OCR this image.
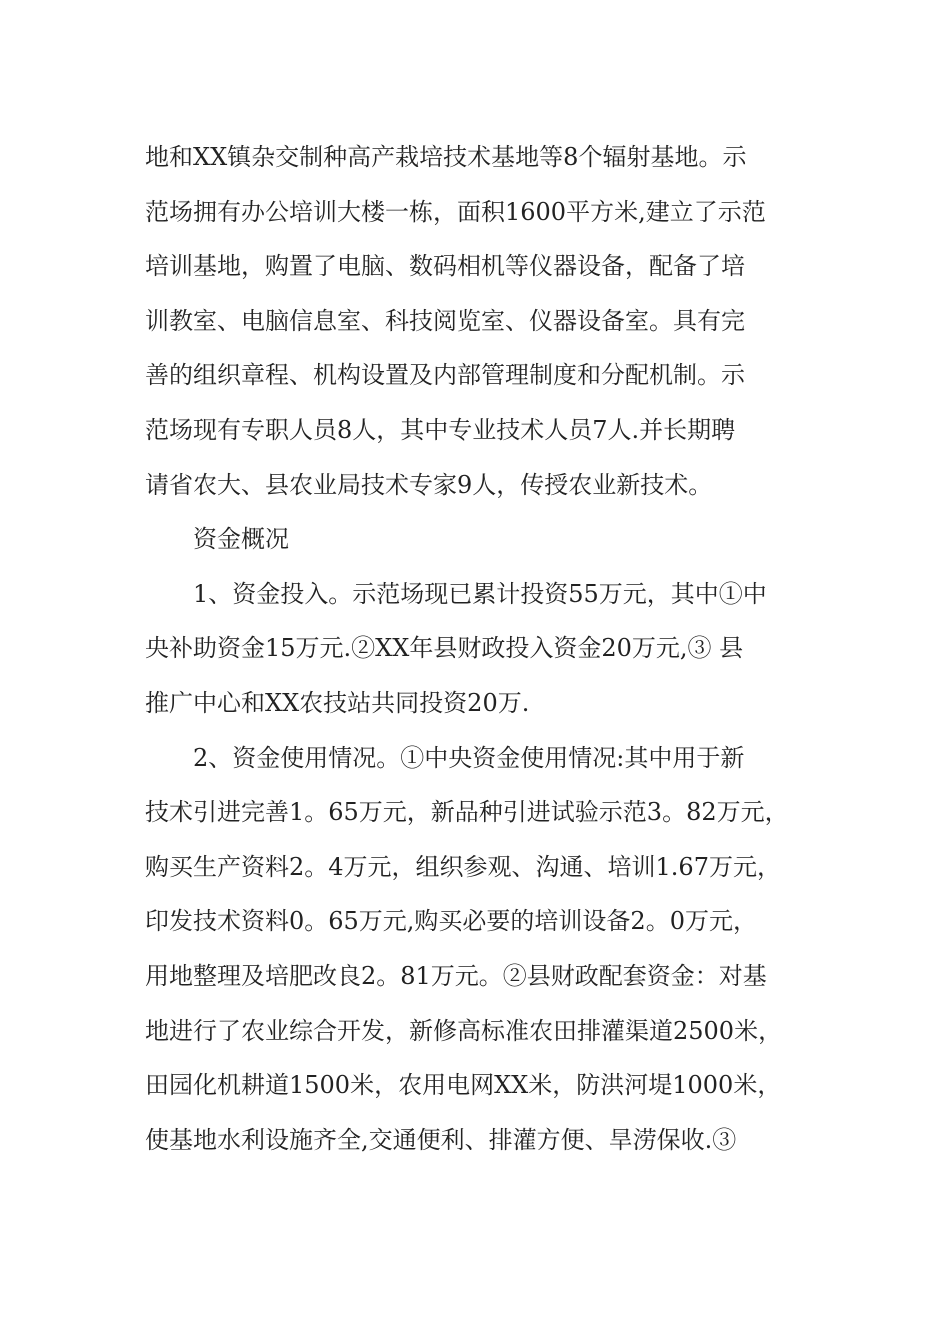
地和XX镇杂交制种高产栽培技术基地等8个辐射基地。示
范场拥有办公培训大楼一栋，面积1600平方米,建立了示范
培训基地，购置了电脑、数码相机等仪器设备，配备了培
训教室、电脑信息室、科技阅览室、仪器设备室。具有完
善的组织章程、机构设置及内部管理制度和分配机制。示
范场现有专职人员8人，其中专业技术人员7人.并长期聘
请省农大、县农业局技术专家9人，传授农业新技术。
　　资金概况
　　1、资金投入。示范场现已累计投资55万元，其中①中
央补助资金15万元.②XX年县财政投入资金20万元,③ 县
推广中心和XX农技站共同投资20万.
　　2、资金使用情况。①中央资金使用情况:其中用于新
技术引进完善1。65万元，新品种引进试验示范3。82万元，
购买生产资料2。4万元，组织参观、沟通、培训1.67万元，
印发技术资料0。65万元,购买必要的培训设备2。0万元，
用地整理及培肥改良2。81万元。②县财政配套资金：对基
地进行了农业综合开发，新修高标准农田排灌渠道2500米，
田园化机耕道1500米，农用电网XX米，防洪河堤1000米，
使基地水利设施齐全,交通便利、排灌方便、旱涝保收.③
